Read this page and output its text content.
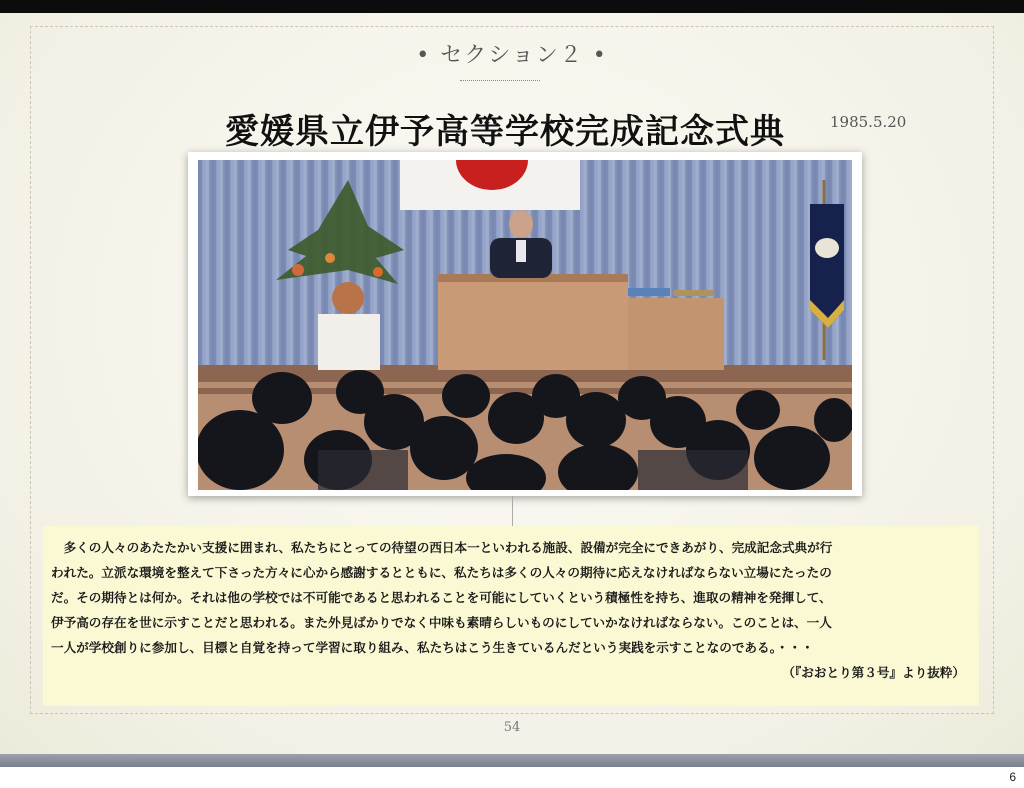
• セクション２ •
愛媛県立伊予高等学校完成記念式典	1985.5.20
　多くの人々のあたたかい支援に囲まれ、私たちにとっての待望の西日本一といわれる施設、設備が完全にできあがり、完成記念式典が行
われた。立派な環境を整えて下さった方々に心から感謝するとともに、私たちは多くの人々の期待に応えなければならない立場にたったの
だ。その期待とは何か。それは他の学校では不可能であると思われることを可能にしていくという積極性を持ち、進取の精神を発揮して、
伊予高の存在を世に示すことだと思われる。また外見ばかりでなく中味も素晴らしいものにしていかなければならない。このことは、一人
一人が学校創りに参加し、目標と自覚を持って学習に取り組み、私たちはこう生きているんだという実践を示すことなのである。・・・
（『おおとり第３号』より抜粋）
54
6
